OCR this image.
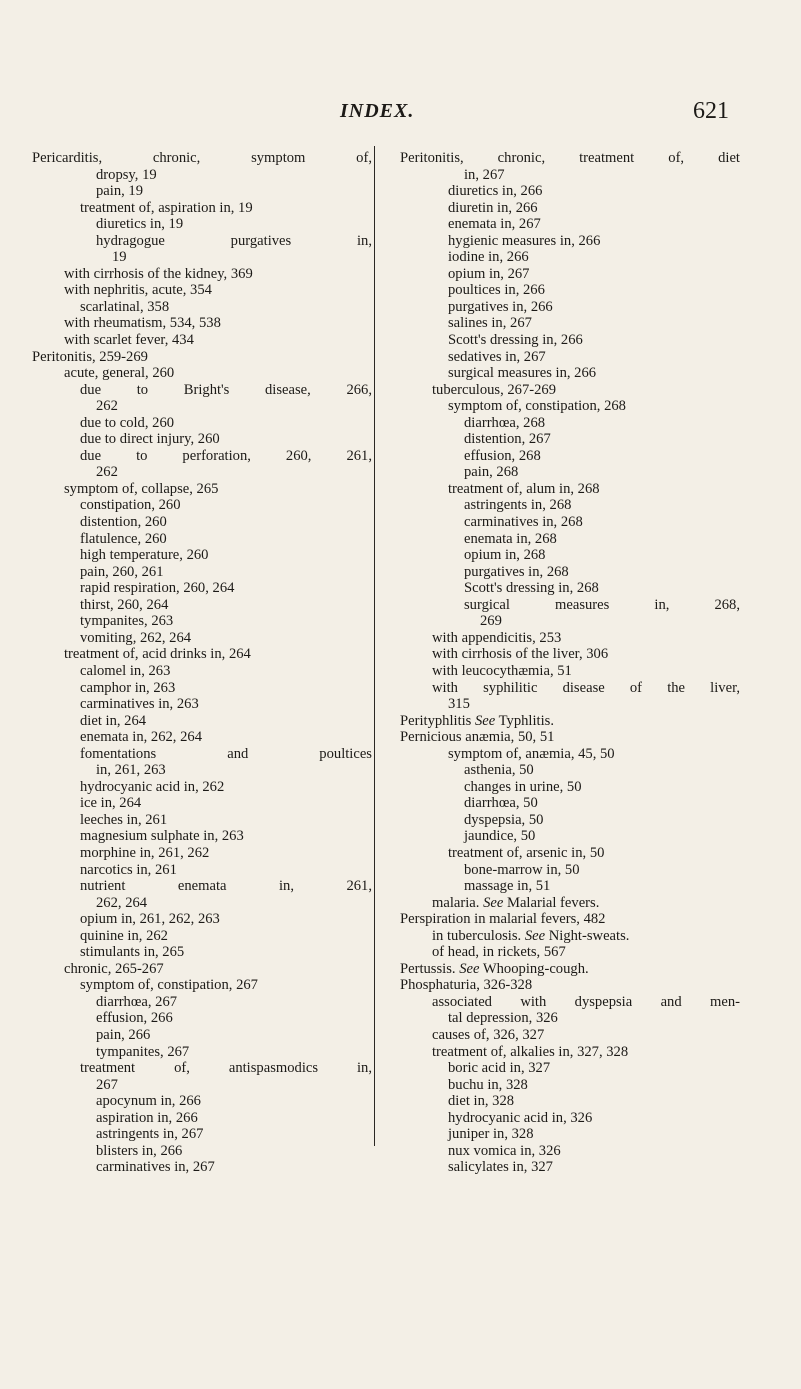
INDEX.	621
Pericarditis, chronic, symptom of,
dropsy, 19
pain, 19
treatment of, aspiration in, 19
diuretics in, 19
hydragogue purgatives in,
19
with cirrhosis of the kidney, 369
with nephritis, acute, 354
scarlatinal, 358
with rheumatism, 534, 538
with scarlet fever, 434
Peritonitis, 259-269
acute, general, 260
due to Bright's disease, 266,
262
due to cold, 260
due to direct injury, 260
due to perforation, 260, 261,
262
symptom of, collapse, 265
constipation, 260
distention, 260
flatulence, 260
high temperature, 260
pain, 260, 261
rapid respiration, 260, 264
thirst, 260, 264
tympanites, 263
vomiting, 262, 264
treatment of, acid drinks in, 264
calomel in, 263
camphor in, 263
carminatives in, 263
diet in, 264
enemata in, 262, 264
fomentations and poultices
in, 261, 263
hydrocyanic acid in, 262
ice in, 264
leeches in, 261
magnesium sulphate in, 263
morphine in, 261, 262
narcotics in, 261
nutrient enemata in, 261,
262, 264
opium in, 261, 262, 263
quinine in, 262
stimulants in, 265
chronic, 265-267
symptom of, constipation, 267
diarrhœa, 267
effusion, 266
pain, 266
tympanites, 267
treatment of, antispasmodics in,
267
apocynum in, 266
aspiration in, 266
astringents in, 267
blisters in, 266
carminatives in, 267
Peritonitis, chronic, treatment of, diet
in, 267
diuretics in, 266
diuretin in, 266
enemata in, 267
hygienic measures in, 266
iodine in, 266
opium in, 267
poultices in, 266
purgatives in, 266
salines in, 267
Scott's dressing in, 266
sedatives in, 267
surgical measures in, 266
tuberculous, 267-269
symptom of, constipation, 268
diarrhœa, 268
distention, 267
effusion, 268
pain, 268
treatment of, alum in, 268
astringents in, 268
carminatives in, 268
enemata in, 268
opium in, 268
purgatives in, 268
Scott's dressing in, 268
surgical measures in, 268,
269
with appendicitis, 253
with cirrhosis of the liver, 306
with leucocythæmia, 51
with syphilitic disease of the liver,
315
Perityphlitis See Typhlitis.
Pernicious anæmia, 50, 51
symptom of, anæmia, 45, 50
asthenia, 50
changes in urine, 50
diarrhœa, 50
dyspepsia, 50
jaundice, 50
treatment of, arsenic in, 50
bone-marrow in, 50
massage in, 51
malaria. See Malarial fevers.
Perspiration in malarial fevers, 482
in tuberculosis. See Night-sweats.
of head, in rickets, 567
Pertussis. See Whooping-cough.
Phosphaturia, 326-328
associated with dyspepsia and men-
tal depression, 326
causes of, 326, 327
treatment of, alkalies in, 327, 328
boric acid in, 327
buchu in, 328
diet in, 328
hydrocyanic acid in, 326
juniper in, 328
nux vomica in, 326
salicylates in, 327
